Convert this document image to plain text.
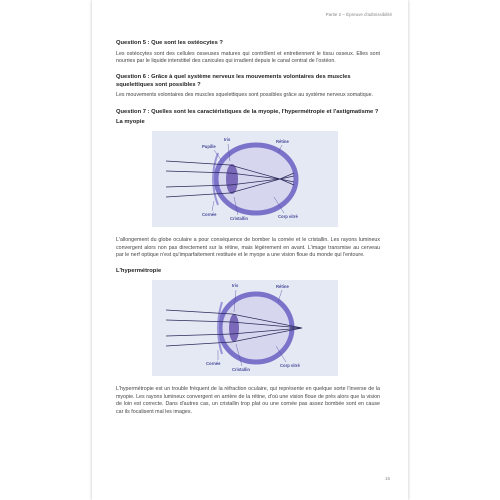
Partie 2 – Épreuve d'admissibilité

Question 5 : Que sont les ostéocytes ?

Les ostéocytes sont des cellules osseuses matures qui contrôlent et entretiennent le tissu osseux. Elles sont nourries par le liquide interstitiel des canicules qui irradient depuis le canal central de l'ostéon.

Question 6 : Grâce à quel système nerveux les mouvements volontaires des muscles squelettiques sont possibles ?

Les mouvements volontaires des muscles squelettiques sont possibles grâce au système nerveux somatique.

Question 7 : Quelles sont les caractéristiques de la myopie, l'hypermétropie et l'astigmatisme ?

La myopie

Iris
Pupille
Rétine
Cornée
Cristallin	Corp vitré

L'allongement du globe oculaire a pour conséquence de bomber la cornée et le cristallin. Les rayons lumineux convergent alors non pas directement sur la rétine, mais légèrement en avant. L'image transmise au cerveau par le nerf optique n'est qu'imparfaitement restituée et le myope a une vision floue du monde qui l'entoure.

L'hypermétropie

Iris	Rétine
Cornée
Cristallin
Corp vitré

L'hypermétropie est un trouble fréquent de la réfraction oculaire, qui représente en quelque sorte l'inverse de la myopie. Les rayons lumineux convergent en arrière de la rétine, d'où une vision floue de près alors que la vision de loin est correcte. Dans d'autres cas, un cristallin trop plat ou une cornée pas assez bombée sont en cause car ils focalisent mal les images.

15
